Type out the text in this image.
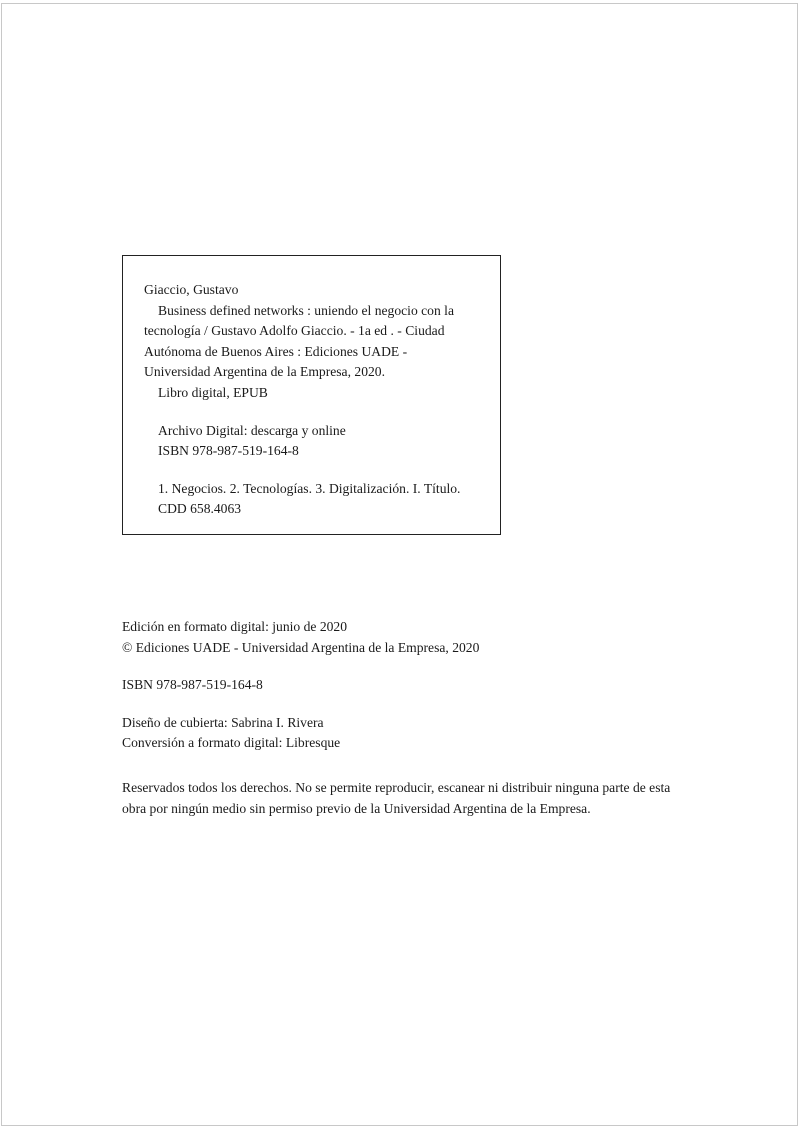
Giaccio, Gustavo

Business defined networks : uniendo el negocio con la

tecnología / Gustavo Adolfo Giaccio. - 1a ed . - Ciudad

Autónoma de Buenos Aires : Ediciones UADE -

Universidad Argentina de la Empresa, 2020.

Libro digital, EPUB

Archivo Digital: descarga y online

ISBN 978-987-519-164-8

1. Negocios. 2. Tecnologías. 3. Digitalización. I. Título.

CDD 658.4063

Edición en formato digital: junio de 2020

© Ediciones UADE - Universidad Argentina de la Empresa, 2020

ISBN 978-987-519-164-8

Diseño de cubierta: Sabrina I. Rivera

Conversión a formato digital: Libresque

Reservados todos los derechos. No se permite reproducir, escanear ni distribuir ninguna parte de esta

obra por ningún medio sin permiso previo de la Universidad Argentina de la Empresa.
